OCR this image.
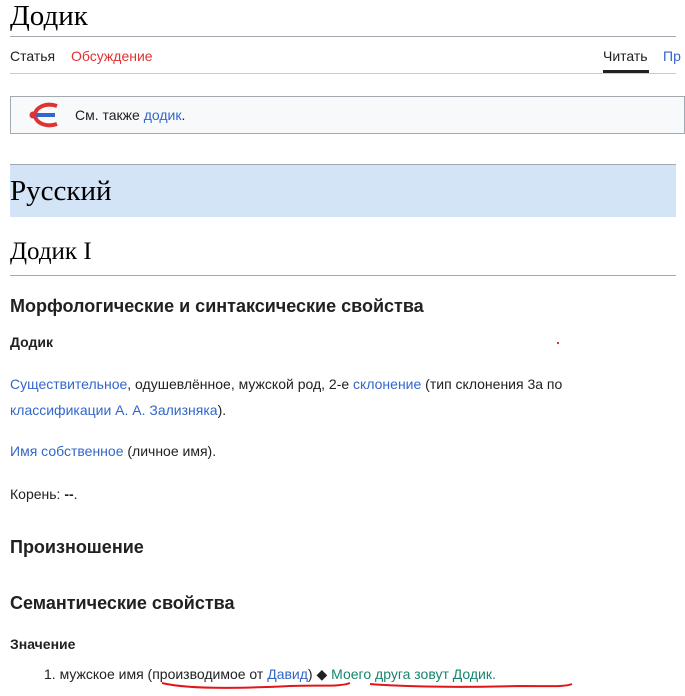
Додик
Статья Обсуждение	Читать Пр
См. также додик.
Русский
Додик I
Морфологические и синтаксические свойства
Додик
Существительное, одушевлённое, мужской род, 2-е склонение (тип склонения 3a по
классификации А. А. Зализняка).
Имя собственное (личное имя).
Корень: --.
Произношение
Семантические свойства
Значение
1. мужское имя (производимое от Давид) ◆ Моего друга зовут Додик.
